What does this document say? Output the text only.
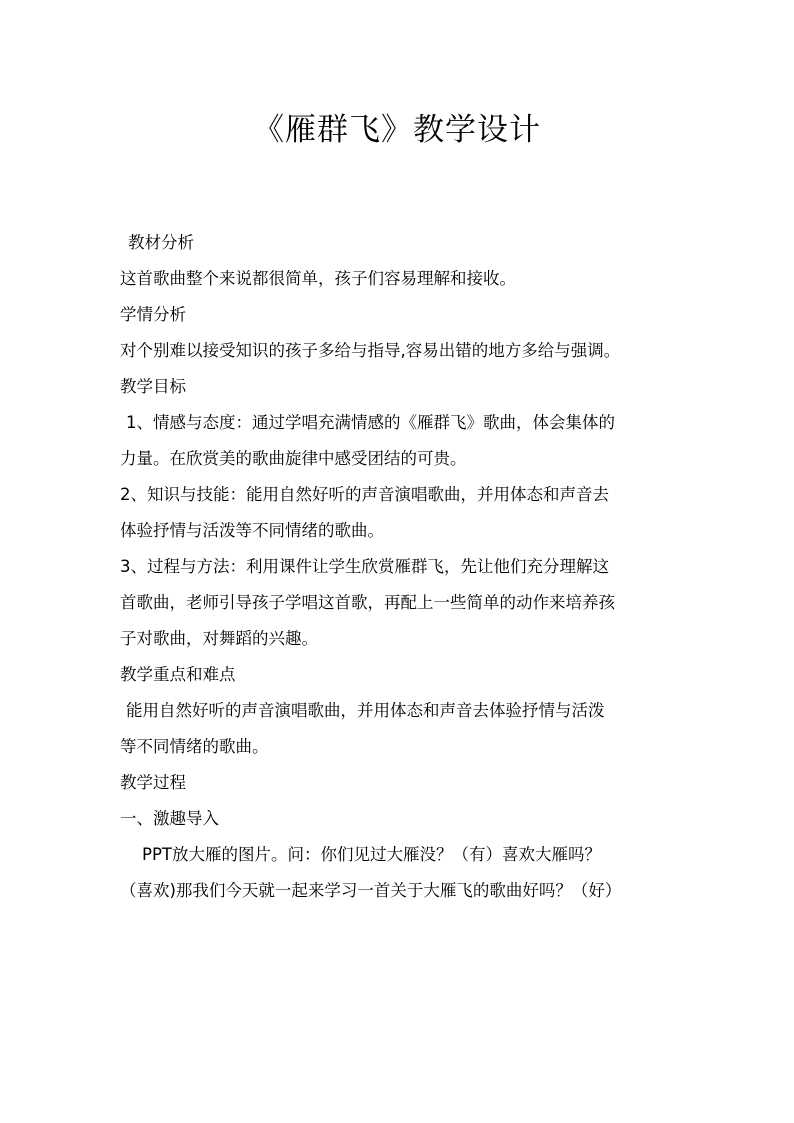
《雁群飞》教学设计
教材分析
这首歌曲整个来说都很简单，孩子们容易理解和接收。
学情分析
对个别难以接受知识的孩子多给与指导,容易出错的地方多给与强调。
教学目标
1、情感与态度：通过学唱充满情感的《雁群飞》歌曲，体会集体的
力量。在欣赏美的歌曲旋律中感受团结的可贵。
2、知识与技能：能用自然好听的声音演唱歌曲，并用体态和声音去
体验抒情与活泼等不同情绪的歌曲。
3、过程与方法：利用课件让学生欣赏雁群飞，先让他们充分理解这
首歌曲，老师引导孩子学唱这首歌，再配上一些简单的动作来培养孩
子对歌曲，对舞蹈的兴趣。
教学重点和难点
能用自然好听的声音演唱歌曲，并用体态和声音去体验抒情与活泼
等不同情绪的歌曲。
教学过程
一、激趣导入
PPT放大雁的图片。问：你们见过大雁没？（有）喜欢大雁吗？
（喜欢)那我们今天就一起来学习一首关于大雁飞的歌曲好吗？（好）
